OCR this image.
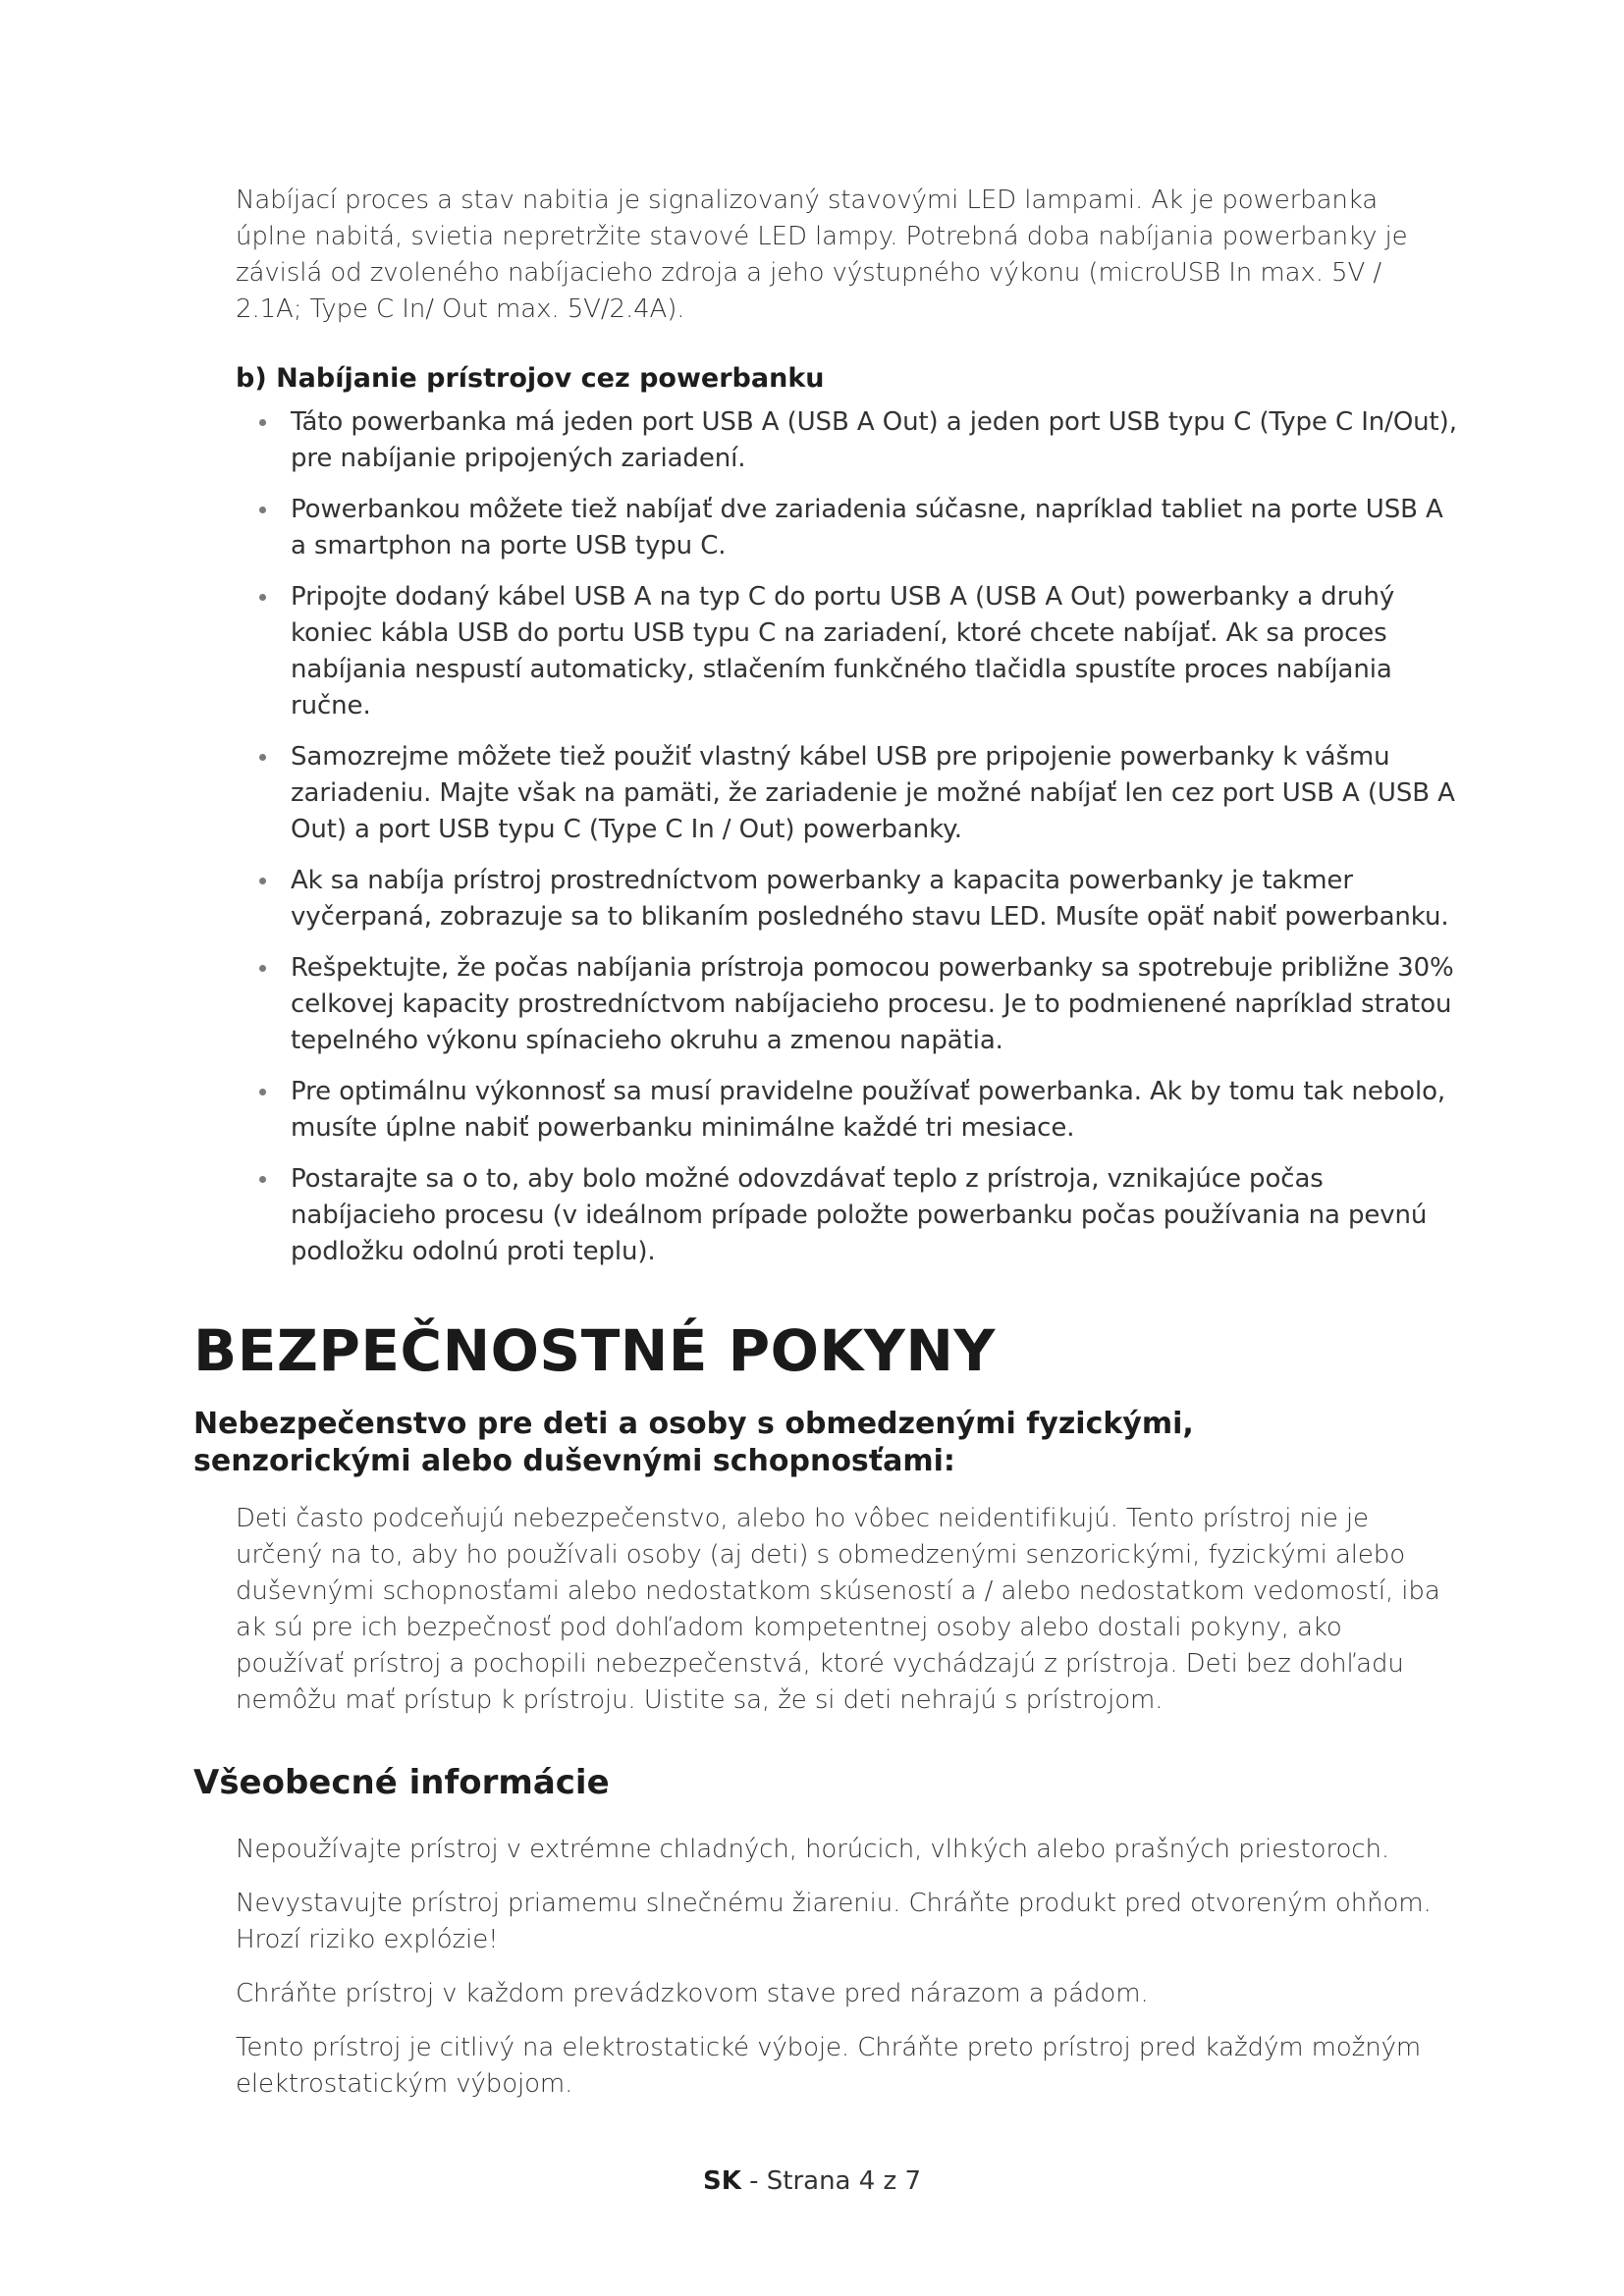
Nabíjací proces a stav nabitia je signalizovaný stavovými LED lampami. Ak je powerbanka úplne nabitá, svietia nepretržite stavové LED lampy. Potrebná doba nabíjania powerbanky je závislá od zvoleného nabíjacieho zdroja a jeho výstupného výkonu (microUSB In max. 5V / 2.1A; Type C In/ Out max. 5V/2.4A).

b) Nabíjanie prístrojov cez powerbanku
Táto powerbanka má jeden port USB A (USB A Out) a jeden port USB typu C (Type C In/Out), pre nabíjanie pripojených zariadení.
Powerbankou môžete tiež nabíjať dve zariadenia súčasne, napríklad tabliet na porte USB A a smartphon na porte USB typu C.
Pripojte dodaný kábel USB A na typ C do portu USB A (USB A Out) powerbanky a druhý koniec kábla USB do portu USB typu C na zariadení, ktoré chcete nabíjať. Ak sa proces nabíjania nespustí automaticky, stlačením funkčného tlačidla spustíte proces nabíjania ručne.
Samozrejme môžete tiež použiť vlastný kábel USB pre pripojenie powerbanky k vášmu zariadeniu. Majte však na pamäti, že zariadenie je možné nabíjať len cez port USB A (USB A Out) a port USB typu C (Type C In / Out) powerbanky.
Ak sa nabíja prístroj prostredníctvom powerbanky a kapacita powerbanky je takmer vyčerpaná, zobrazuje sa to blikaním posledného stavu LED. Musíte opäť nabiť powerbanku.
Rešpektujte, že počas nabíjania prístroja pomocou powerbanky sa spotrebuje približne 30% celkovej kapacity prostredníctvom nabíjacieho procesu. Je to podmienené napríklad stratou tepelného výkonu spínacieho okruhu a zmenou napätia.
Pre optimálnu výkonnosť sa musí pravidelne používať powerbanka. Ak by tomu tak nebolo, musíte úplne nabiť powerbanku minimálne každé tri mesiace.
Postarajte sa o to, aby bolo možné odovzdávať teplo z prístroja, vznikajúce počas nabíjacieho procesu (v ideálnom prípade položte powerbanku počas používania na pevnú podložku odolnú proti teplu).
BEZPEČNOSTNÉ POKYNY
Nebezpečenstvo pre deti a osoby s obmedzenými fyzickými, senzorickými alebo duševnými schopnosťami:

Deti často podceňujú nebezpečenstvo, alebo ho vôbec neidentifikujú. Tento prístroj nie je určený na to, aby ho používali osoby (aj deti) s obmedzenými senzorickými, fyzickými alebo duševnými schopnosťami alebo nedostatkom skúseností a / alebo nedostatkom vedomostí, iba ak sú pre ich bezpečnosť pod dohľadom kompetentnej osoby alebo dostali pokyny, ako používať prístroj a pochopili nebezpečenstvá, ktoré vychádzajú z prístroja. Deti bez dohľadu nemôžu mať prístup k prístroju. Uistite sa, že si deti nehrajú s prístrojom.

Všeobecné informácie

Nepoužívajte prístroj v extrémne chladných, horúcich, vlhkých alebo prašných priestoroch.

Nevystavujte prístroj priamemu slnečnému žiareniu. Chráňte produkt pred otvoreným ohňom. Hrozí riziko explózie!

Chráňte prístroj v každom prevádzkovom stave pred nárazom a pádom.

Tento prístroj je citlivý na elektrostatické výboje. Chráňte preto prístroj pred každým možným elektrostatickým výbojom.

SK - Strana 4 z 7
